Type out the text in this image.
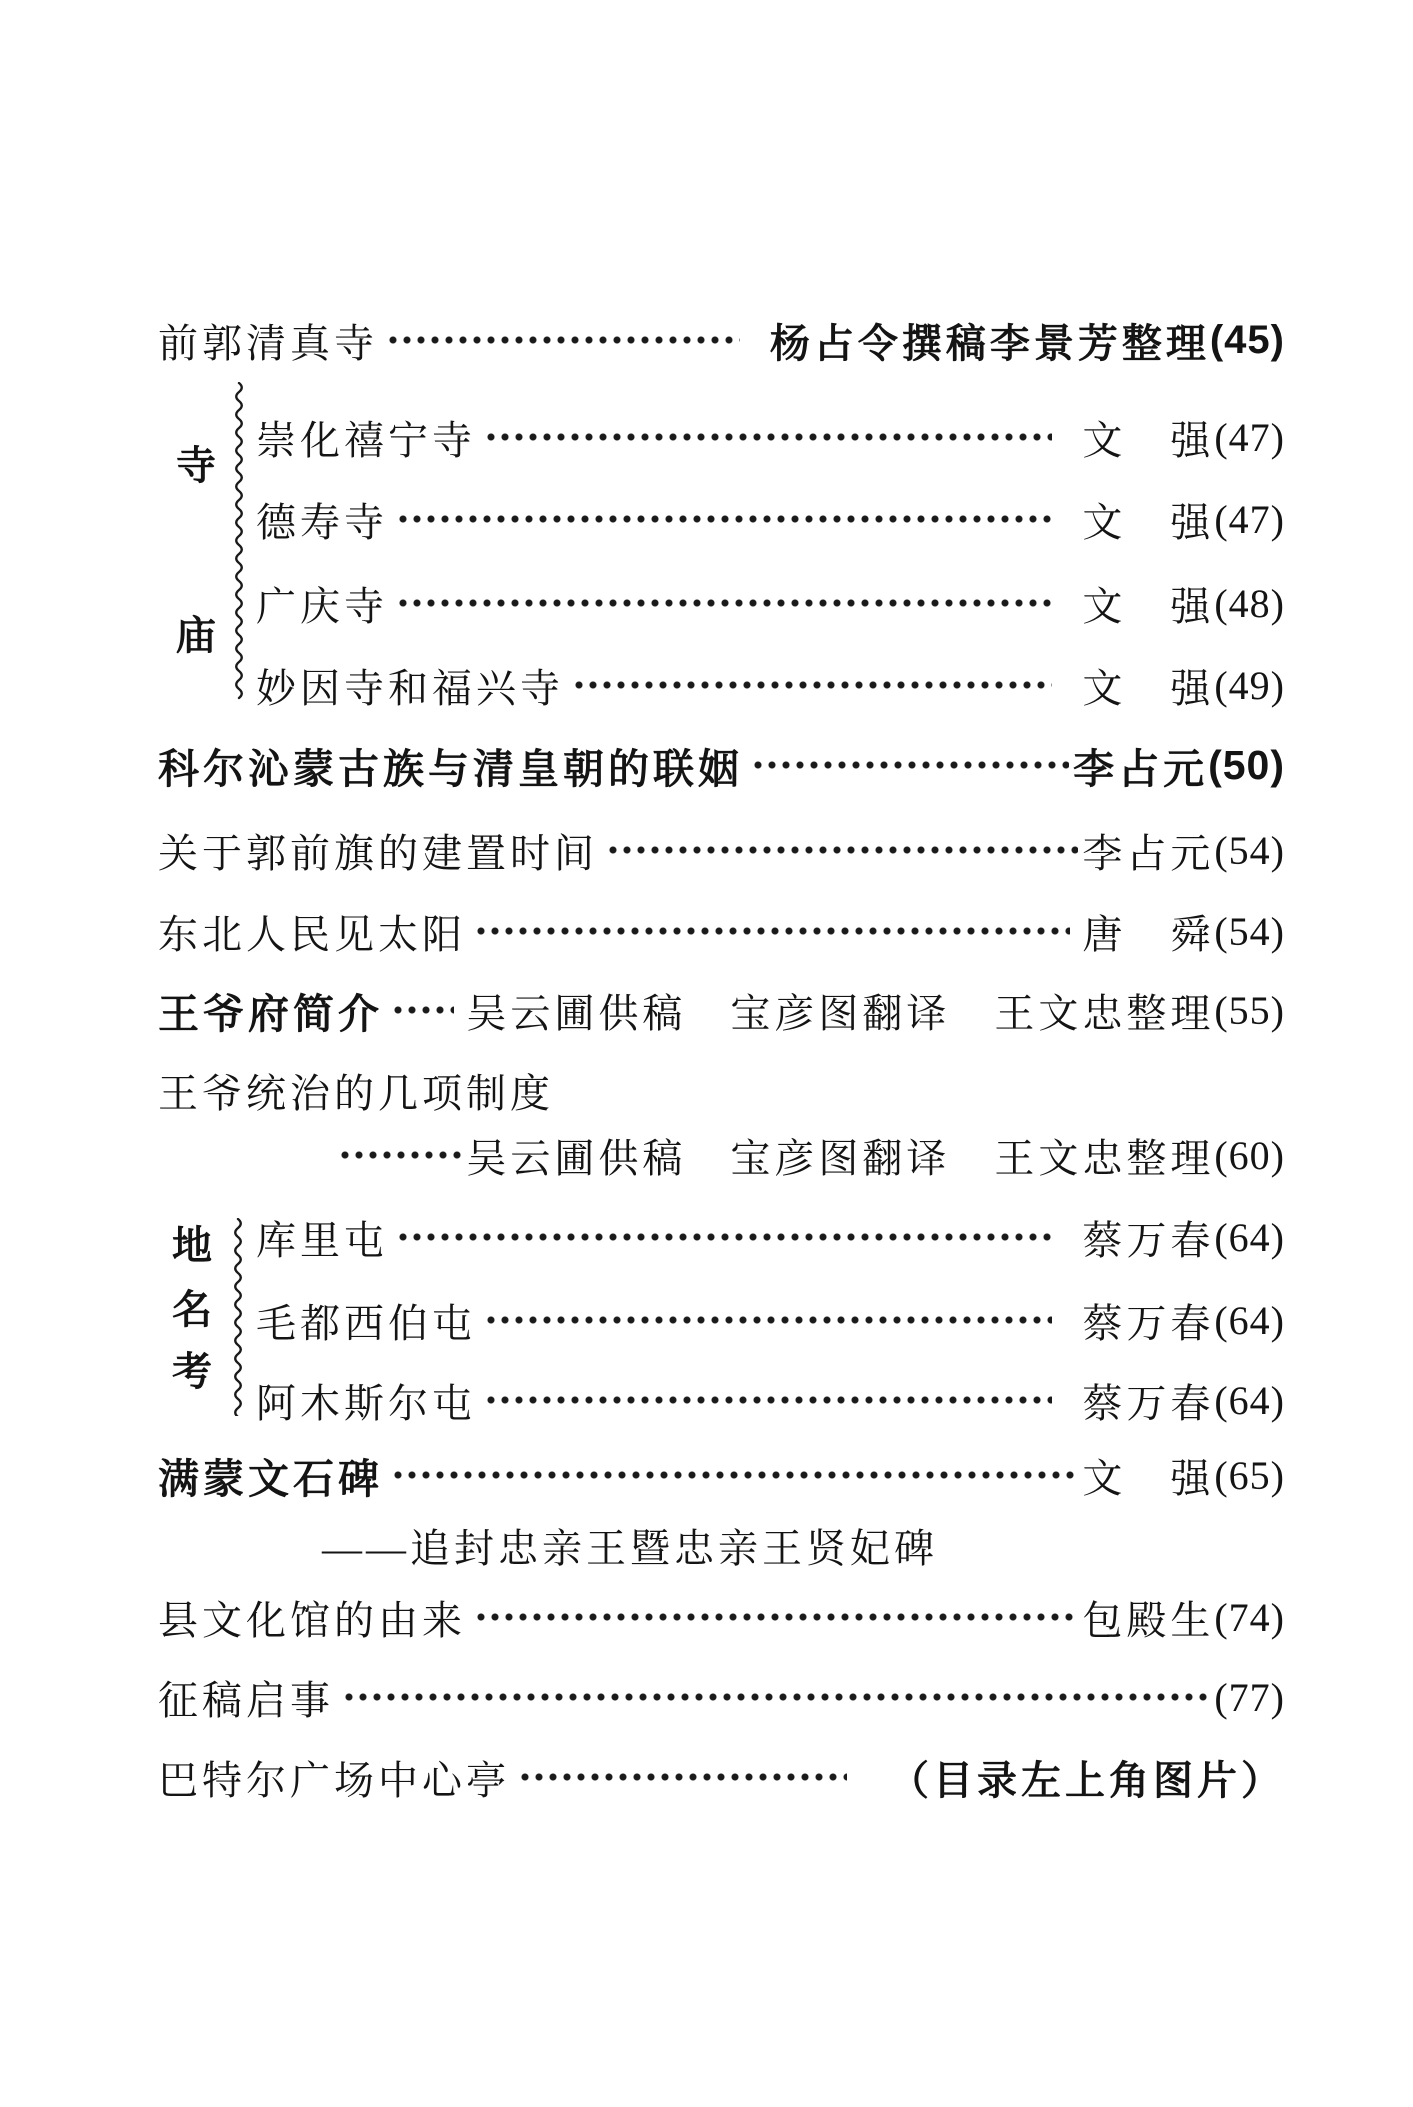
前郭清真寺	杨占令撰稿李景芳整理 (45)
寺
庙
崇化禧宁寺	文　强 (47)
德寿寺	文　强 (47)
广庆寺	文　强 (48)
妙因寺和福兴寺	文　强 (49)
科尔沁蒙古族与清皇朝的联姻	李占元 (50)
关于郭前旗的建置时间	李占元 (54)
东北人民见太阳	唐　舜 (54)
王爷府简介 吴云圃供稿　宝彦图翻译　王文忠整理 (55)
王爷统治的几项制度
吴云圃供稿　宝彦图翻译　王文忠整理 (60)
地
名
考
库里屯	蔡万春 (64)
毛都西伯屯	蔡万春 (64)
阿木斯尔屯	蔡万春 (64)
满蒙文石碑	文　强 (65)
——追封忠亲王暨忠亲王贤妃碑
县文化馆的由来	包殿生 (74)
征稿启事	(77)
巴特尔广场中心亭	（目录左上角图片）
